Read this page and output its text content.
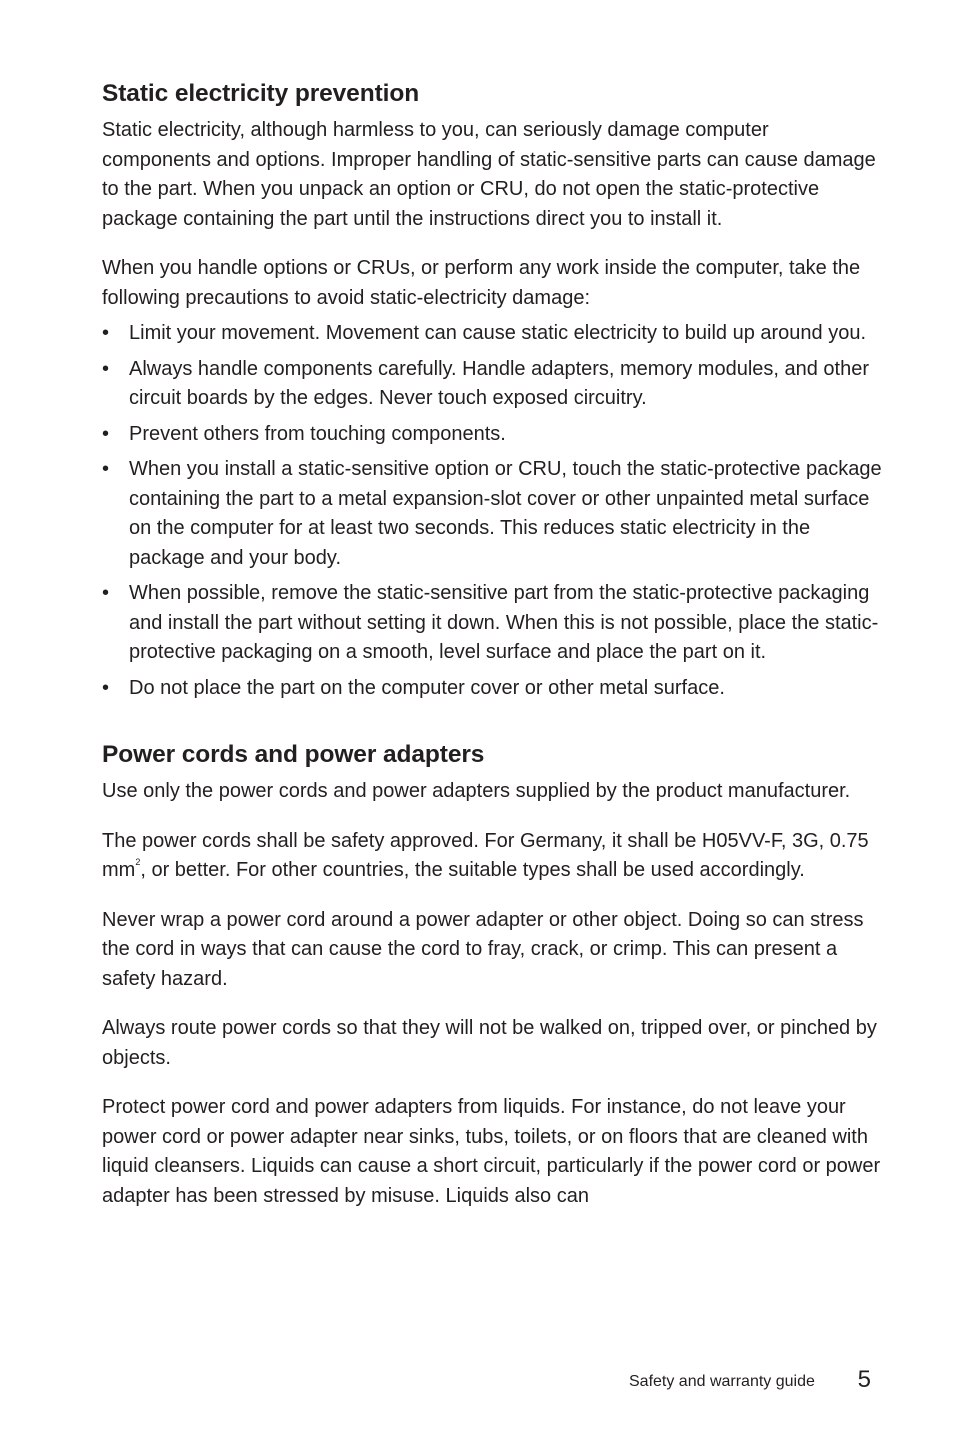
Static electricity prevention

Static electricity, although harmless to you, can seriously damage computer components and options. Improper handling of static-sensitive parts can cause damage to the part. When you unpack an option or CRU, do not open the static-protective package containing the part until the instructions direct you to install it.

When you handle options or CRUs, or perform any work inside the computer, take the following precautions to avoid static-electricity damage:

• Limit your movement. Movement can cause static electricity to build up around you.
• Always handle components carefully. Handle adapters, memory modules, and other circuit boards by the edges. Never touch exposed circuitry.
• Prevent others from touching components.
• When you install a static-sensitive option or CRU, touch the static-protective package containing the part to a metal expansion-slot cover or other unpainted metal surface on the computer for at least two seconds. This reduces static electricity in the package and your body.
• When possible, remove the static-sensitive part from the static-protective packaging and install the part without setting it down. When this is not possible, place the static-protective packaging on a smooth, level surface and place the part on it.
• Do not place the part on the computer cover or other metal surface.
Power cords and power adapters

Use only the power cords and power adapters supplied by the product manufacturer.

The power cords shall be safety approved. For Germany, it shall be H05VV-F, 3G, 0.75 $mm^2$, or better. For other countries, the suitable types shall be used accordingly.

Never wrap a power cord around a power adapter or other object. Doing so can stress the cord in ways that can cause the cord to fray, crack, or crimp. This can present a safety hazard.

Always route power cords so that they will not be walked on, tripped over, or pinched by objects.

Protect power cord and power adapters from liquids. For instance, do not leave your power cord or power adapter near sinks, tubs, toilets, or on floors that are cleaned with liquid cleansers. Liquids can cause a short circuit, particularly if the power cord or power adapter has been stressed by misuse. Liquids also can

Safety and warranty guide 5
